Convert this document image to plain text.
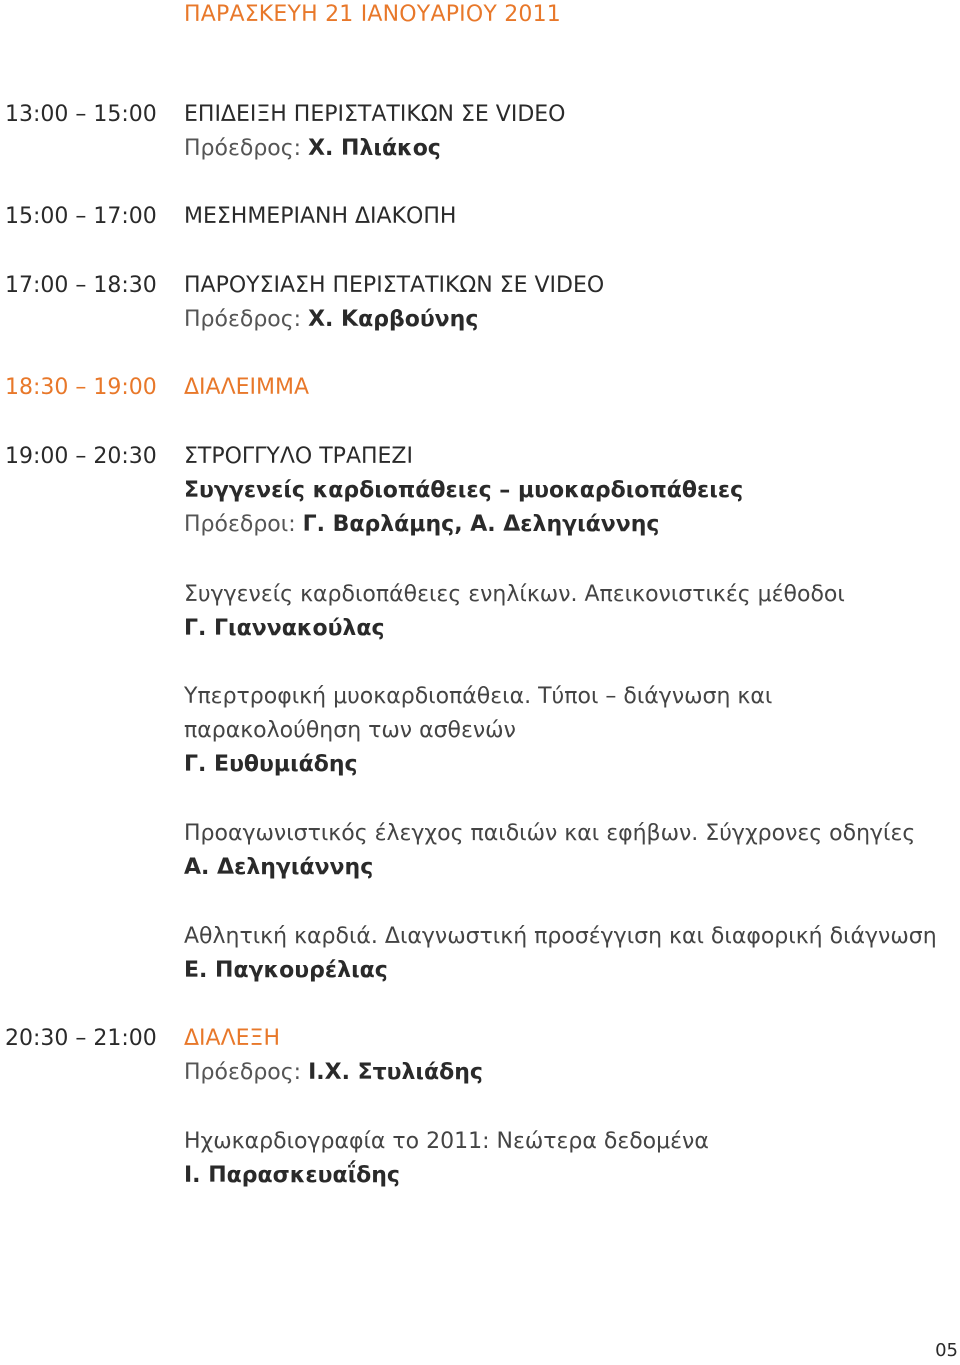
ΠΑΡΑΣΚΕΥΗ 21 ΙΑΝΟΥΑΡΙΟΥ 2011
13:00 – 15:00 ΕΠΙΔΕΙΞΗ ΠΕΡΙΣΤΑΤΙΚΩΝ ΣΕ VIDEO
Πρόεδρος: Χ. Πλιάκος
15:00 – 17:00 ΜΕΣΗΜΕΡΙΑΝΗ ΔΙΑΚΟΠΗ
17:00 – 18:30 ΠΑΡΟΥΣΙΑΣΗ ΠΕΡΙΣΤΑΤΙΚΩΝ ΣΕ VIDEO
Πρόεδρος: Χ. Καρβούνης
18:30 – 19:00 ΔΙΑΛΕΙΜΜΑ
19:00 – 20:30 ΣΤΡΟΓΓΥΛΟ ΤΡΑΠΕΖΙ
Συγγενείς καρδιοπάθειες – μυοκαρδιοπάθειες
Πρόεδροι: Γ. Βαρλάμης, Α. Δεληγιάννης
Συγγενείς καρδιοπάθειες ενηλίκων. Απεικονιστικές μέθοδοι
Γ. Γιαννακούλας
Υπερτροφική μυοκαρδιοπάθεια. Τύποι – διάγνωση και παρακολούθηση των ασθενών
Γ. Ευθυμιάδης
Προαγωνιστικός έλεγχος παιδιών και εφήβων. Σύγχρονες οδηγίες
Α. Δεληγιάννης
Αθλητική καρδιά. Διαγνωστική προσέγγιση και διαφορική διάγνωση
Ε. Παγκουρέλιας
20:30 – 21:00 ΔΙΑΛΕΞΗ
Πρόεδρος: Ι.Χ. Στυλιάδης
Ηχωκαρδιογραφία το 2011: Νεώτερα δεδομένα
Ι. Παρασκευαΐδης
05
